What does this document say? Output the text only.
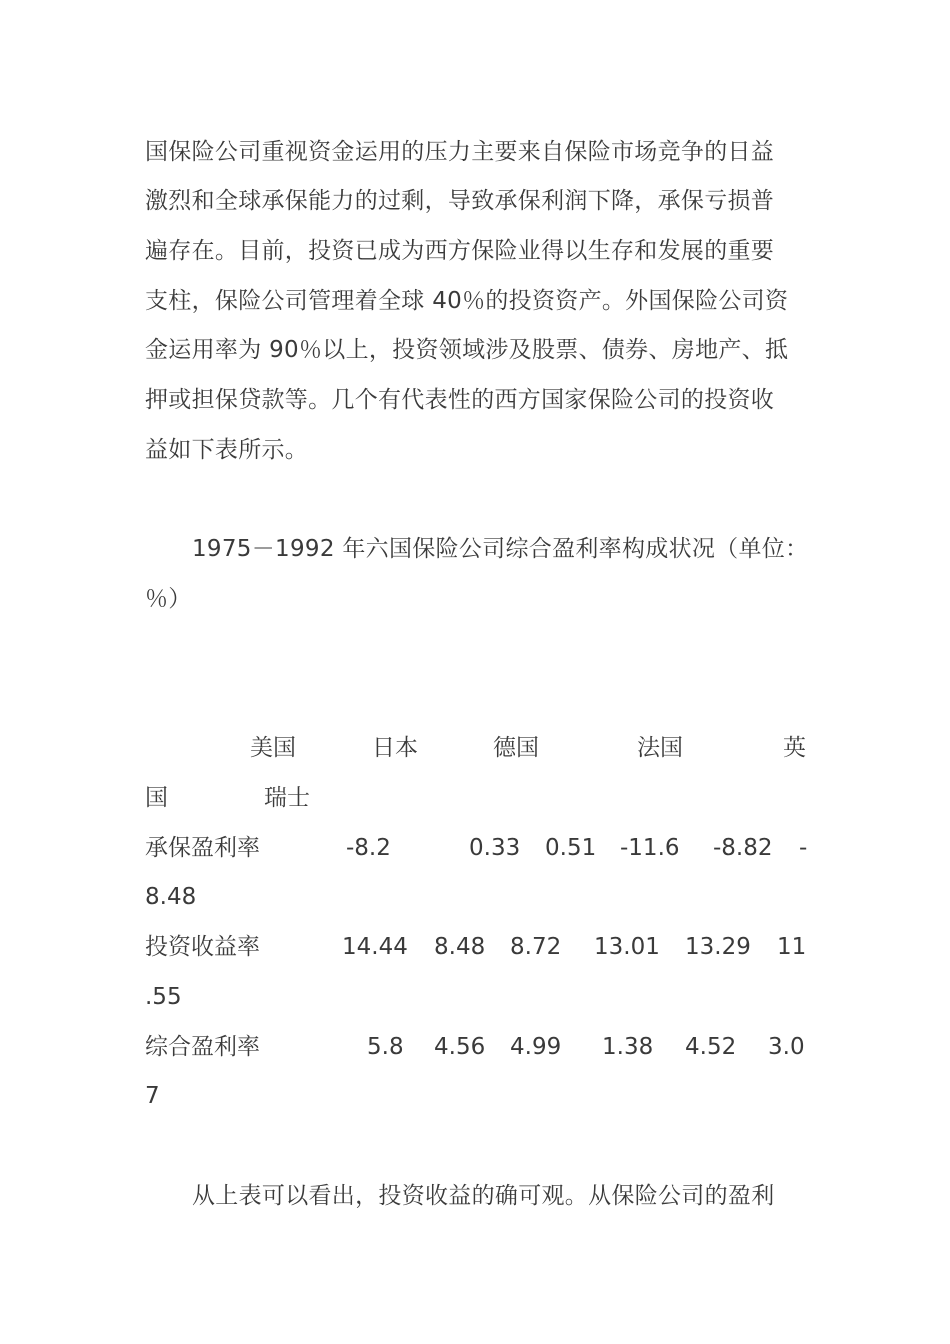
国保险公司重视资金运用的压力主要来自保险市场竞争的日益
激烈和全球承保能力的过剩，导致承保利润下降，承保亏损普
遍存在。目前，投资已成为西方保险业得以生存和发展的重要
支柱，保险公司管理着全球 40％的投资资产。外国保险公司资
金运用率为 90％以上，投资领域涉及股票、债券、房地产、抵
押或担保贷款等。几个有代表性的西方国家保险公司的投资收
益如下表所示。
1975－1992 年六国保险公司综合盈利率构成状况（单位：
％）
美国	日本	德国	法国	英
国	瑞士
承保盈利率	-8.2	0.33 0.51 -11.6 -8.82 -
8.48
投资收益率	14.44 8.48 8.72 13.01 13.29 11
.55
综合盈利率	5.8 4.56 4.99 1.38 4.52 3.0
7
从上表可以看出，投资收益的确可观。从保险公司的盈利
